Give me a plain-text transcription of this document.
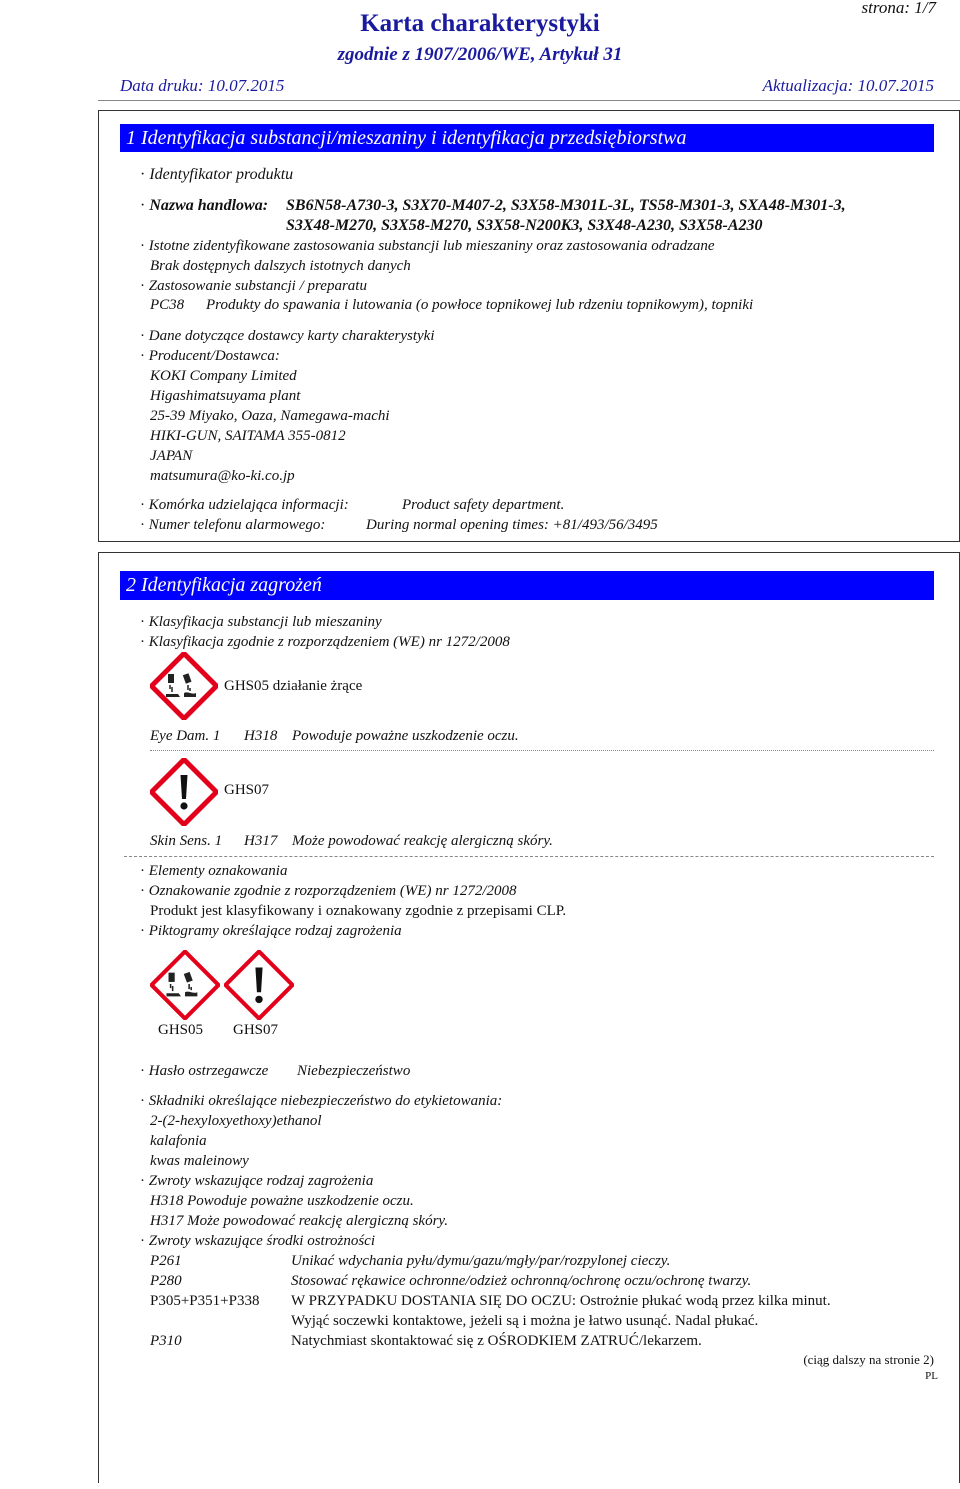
strona: 1/7
Karta charakterystyki
zgodnie z 1907/2006/WE, Artykuł 31
Data druku: 10.07.2015	Aktualizacja: 10.07.2015
1 Identyfikacja substancji/mieszaniny i identyfikacja przedsiębiorstwa
· Identyfikator produktu
· Nazwa handlowa: SB6N58-A730-3, S3X70-M407-2, S3X58-M301L-3L, TS58-M301-3, SXA48-M301-3,
S3X48-M270, S3X58-M270, S3X58-N200K3, S3X48-A230, S3X58-A230
· Istotne zidentyfikowane zastosowania substancji lub mieszaniny oraz zastosowania odradzane
Brak dostępnych dalszych istotnych danych
· Zastosowanie substancji / preparatu
PC38 Produkty do spawania i lutowania (o powłoce topnikowej lub rdzeniu topnikowym), topniki
· Dane dotyczące dostawcy karty charakterystyki
· Producent/Dostawca:
KOKI Company Limited
Higashimatsuyama plant
25-39 Miyako, Oaza, Namegawa-machi
HIKI-GUN, SAITAMA 355-0812
JAPAN
matsumura@ko-ki.co.jp
· Komórka udzielająca informacji:	Product safety department.
· Numer telefonu alarmowego:	During normal opening times: +81/493/56/3495
2 Identyfikacja zagrożeń
· Klasyfikacja substancji lub mieszaniny
· Klasyfikacja zgodnie z rozporządzeniem (WE) nr 1272/2008
GHS05 działanie żrące
Eye Dam. 1 H318 Powoduje poważne uszkodzenie oczu.
GHS07
Skin Sens. 1 H317 Może powodować reakcję alergiczną skóry.
· Elementy oznakowania
· Oznakowanie zgodnie z rozporządzeniem (WE) nr 1272/2008
Produkt jest klasyfikowany i oznakowany zgodnie z przepisami CLP.
· Piktogramy określające rodzaj zagrożenia
GHS05 GHS07
· Hasło ostrzegawcze Niebezpieczeństwo
· Składniki określające niebezpieczeństwo do etykietowania:
2-(2-hexyloxyethoxy)ethanol
kalafonia
kwas maleinowy
· Zwroty wskazujące rodzaj zagrożenia
H318 Powoduje poważne uszkodzenie oczu.
H317 Może powodować reakcję alergiczną skóry.
· Zwroty wskazujące środki ostrożności
P261	Unikać wdychania pyłu/dymu/gazu/mgły/par/rozpylonej cieczy.
P280	Stosować rękawice ochronne/odzież ochronną/ochronę oczu/ochronę twarzy.
P305+P351+P338 W PRZYPADKU DOSTANIA SIĘ DO OCZU: Ostrożnie płukać wodą przez kilka minut.
Wyjąć soczewki kontaktowe, jeżeli są i można je łatwo usunąć. Nadal płukać.
P310	Natychmiast skontaktować się z OŚRODKIEM ZATRUĆ/lekarzem.
(ciąg dalszy na stronie 2)
PL
